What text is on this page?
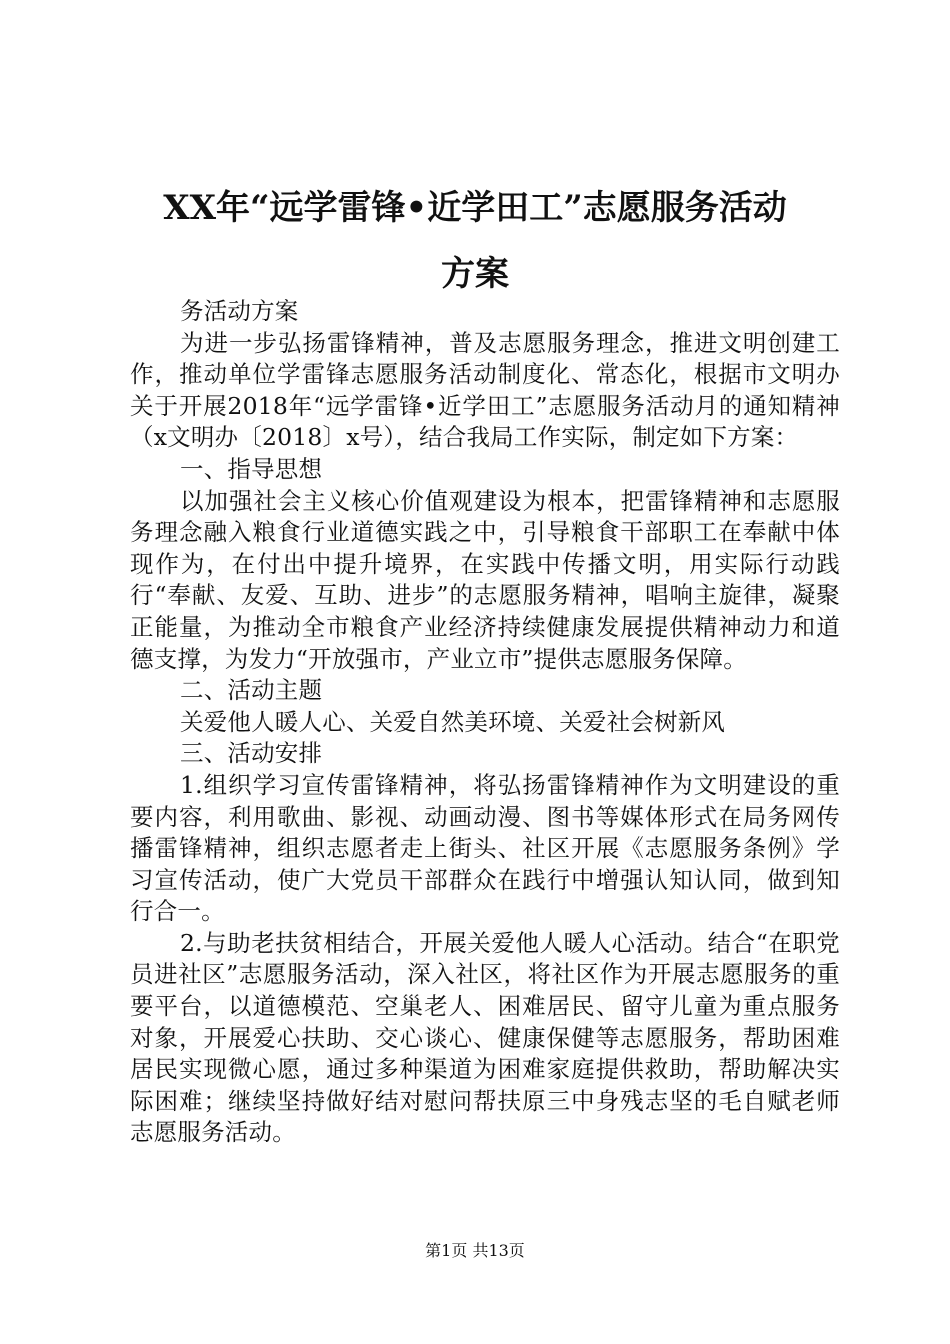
XX年“远学雷锋•近学田工”志愿服务活动
方案

务活动方案

为进一步弘扬雷锋精神，普及志愿服务理念，推进文明创建工作，推动单位学雷锋志愿服务活动制度化、常态化，根据市文明办关于开展2018年“远学雷锋•近学田工”志愿服务活动月的通知精神（x文明办〔2018〕x号），结合我局工作实际，制定如下方案：

一、指导思想

以加强社会主义核心价值观建设为根本，把雷锋精神和志愿服务理念融入粮食行业道德实践之中，引导粮食干部职工在奉献中体现作为，在付出中提升境界，在实践中传播文明，用实际行动践行“奉献、友爱、互助、进步”的志愿服务精神，唱响主旋律，凝聚正能量，为推动全市粮食产业经济持续健康发展提供精神动力和道德支撑，为发力“开放强市，产业立市”提供志愿服务保障。

二、活动主题

关爱他人暖人心、关爱自然美环境、关爱社会树新风

三、活动安排

1.组织学习宣传雷锋精神，将弘扬雷锋精神作为文明建设的重要内容，利用歌曲、影视、动画动漫、图书等媒体形式在局务网传播雷锋精神，组织志愿者走上街头、社区开展《志愿服务条例》学习宣传活动，使广大党员干部群众在践行中增强认知认同，做到知行合一。

2.与助老扶贫相结合，开展关爱他人暖人心活动。结合“在职党员进社区”志愿服务活动，深入社区，将社区作为开展志愿服务的重要平台，以道德模范、空巢老人、困难居民、留守儿童为重点服务对象，开展爱心扶助、交心谈心、健康保健等志愿服务，帮助困难居民实现微心愿，通过多种渠道为困难家庭提供救助，帮助解决实际困难；继续坚持做好结对慰问帮扶原三中身残志坚的毛自赋老师志愿服务活动。

第1页 共13页
